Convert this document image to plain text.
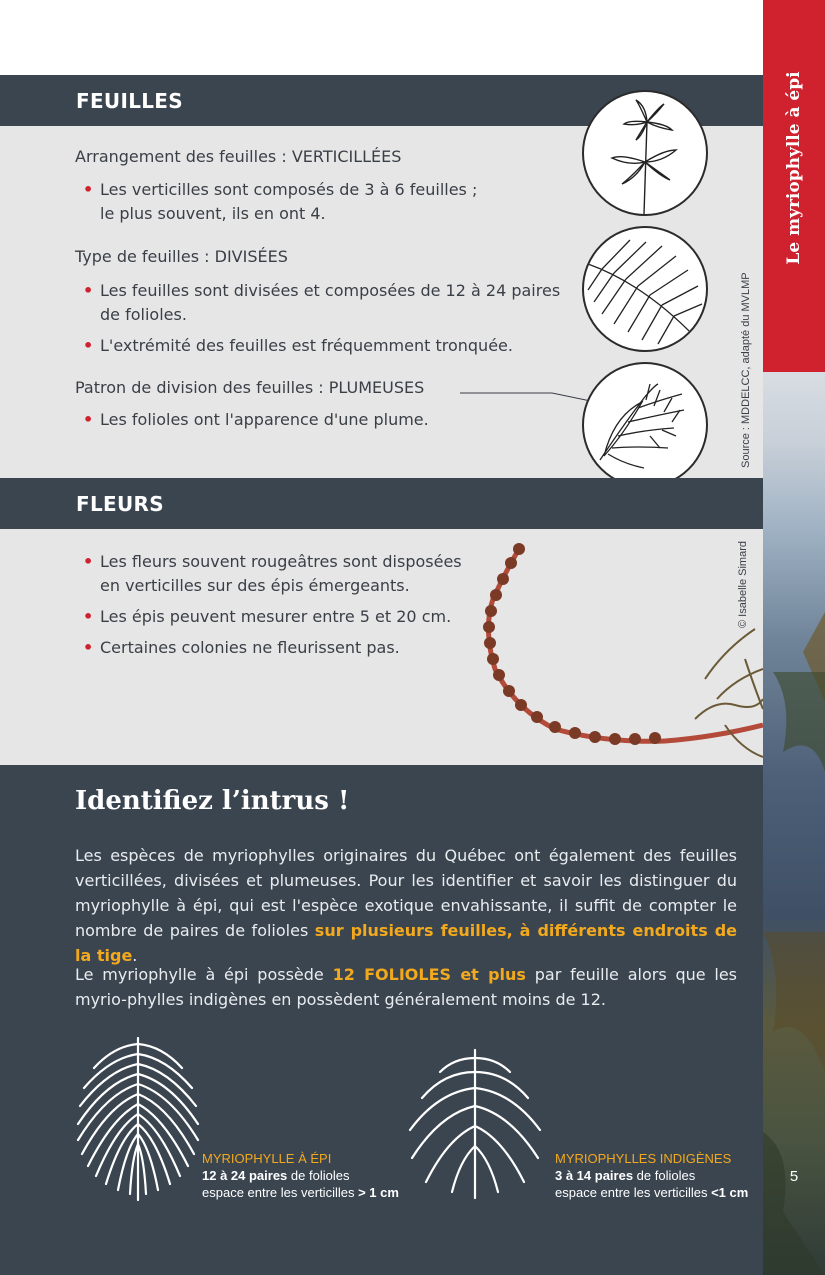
Le myriophylle à épi
5
FEUILLES
Arrangement des feuilles : VERTICILLÉES
• Les verticilles sont composés de 3 à 6 feuilles ;
le plus souvent, ils en ont 4.
Type de feuilles : DIVISÉES
• Les feuilles sont divisées et composées de 12 à 24 paires
de folioles.
• L'extrémité des feuilles est fréquemment tronquée.
Patron de division des feuilles : PLUMEUSES
• Les folioles ont l'apparence d'une plume.	Source : MDDELCC, adapté du MVLMP
FLEURS
• Les fleurs souvent rougeâtres sont disposées
en verticilles sur des épis émergeants.
• Les épis peuvent mesurer entre 5 et 20 cm.
• Certaines colonies ne fleurissent pas.
© Isabelle Simard
Identifiez l’intrus !

Les espèces de myriophylles originaires du Québec ont également des feuilles verticillées, divisées et plumeuses. Pour les identifier et savoir les distinguer du myriophylle à épi, qui est l'espèce exotique envahissante, il suffit de compter le nombre de paires de folioles sur plusieurs feuilles, à différents endroits de la tige.

Le myriophylle à épi possède 12 FOLIOLES et plus par feuille alors que les myrio-phylles indigènes en possèdent généralement moins de 12.

MYRIOPHYLLE À ÉPI
12 à 24 paires de folioles
espace entre les verticilles > 1 cm
MYRIOPHYLLES INDIGÈNES
3 à 14 paires de folioles
espace entre les verticilles <1 cm
